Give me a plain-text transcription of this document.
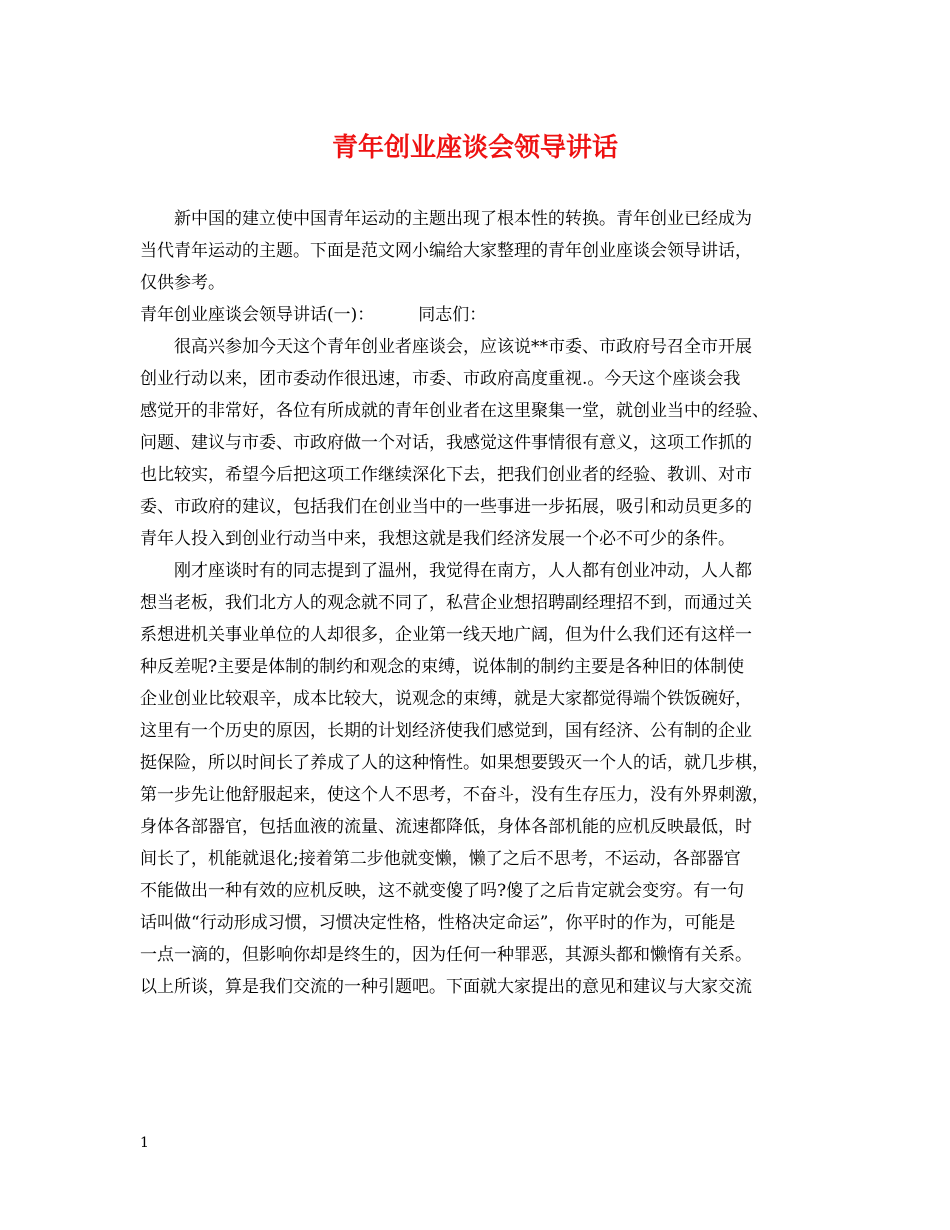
青年创业座谈会领导讲话

新中国的建立使中国青年运动的主题出现了根本性的转换。青年创业已经成为

当代青年运动的主题。下面是范文网小编给大家整理的青年创业座谈会领导讲话，

仅供参考。

青年创业座谈会领导讲话(一)：	同志们：

很高兴参加今天这个青年创业者座谈会，应该说**市委、市政府号召全市开展

创业行动以来，团市委动作很迅速，市委、市政府高度重视.。今天这个座谈会我

感觉开的非常好，各位有所成就的青年创业者在这里聚集一堂，就创业当中的经验、

问题、建议与市委、市政府做一个对话，我感觉这件事情很有意义，这项工作抓的

也比较实，希望今后把这项工作继续深化下去，把我们创业者的经验、教训、对市

委、市政府的建议，包括我们在创业当中的一些事进一步拓展，吸引和动员更多的

青年人投入到创业行动当中来，我想这就是我们经济发展一个必不可少的条件。

刚才座谈时有的同志提到了温州，我觉得在南方，人人都有创业冲动，人人都

想当老板，我们北方人的观念就不同了，私营企业想招聘副经理招不到，而通过关

系想进机关事业单位的人却很多，企业第一线天地广阔，但为什么我们还有这样一

种反差呢?主要是体制的制约和观念的束缚，说体制的制约主要是各种旧的体制使

企业创业比较艰辛，成本比较大，说观念的束缚，就是大家都觉得端个铁饭碗好，

这里有一个历史的原因，长期的计划经济使我们感觉到，国有经济、公有制的企业

挺保险，所以时间长了养成了人的这种惰性。如果想要毁灭一个人的话，就几步棋，

第一步先让他舒服起来，使这个人不思考，不奋斗，没有生存压力，没有外界刺激，

身体各部器官，包括血液的流量、流速都降低，身体各部机能的应机反映最低，时

间长了，机能就退化;接着第二步他就变懒，懒了之后不思考，不运动，各部器官

不能做出一种有效的应机反映，这不就变傻了吗?傻了之后肯定就会变穷。有一句

话叫做“行动形成习惯，习惯决定性格，性格决定命运”，你平时的作为，可能是

一点一滴的，但影响你却是终生的，因为任何一种罪恶，其源头都和懒惰有关系。

以上所谈，算是我们交流的一种引题吧。下面就大家提出的意见和建议与大家交流

1
